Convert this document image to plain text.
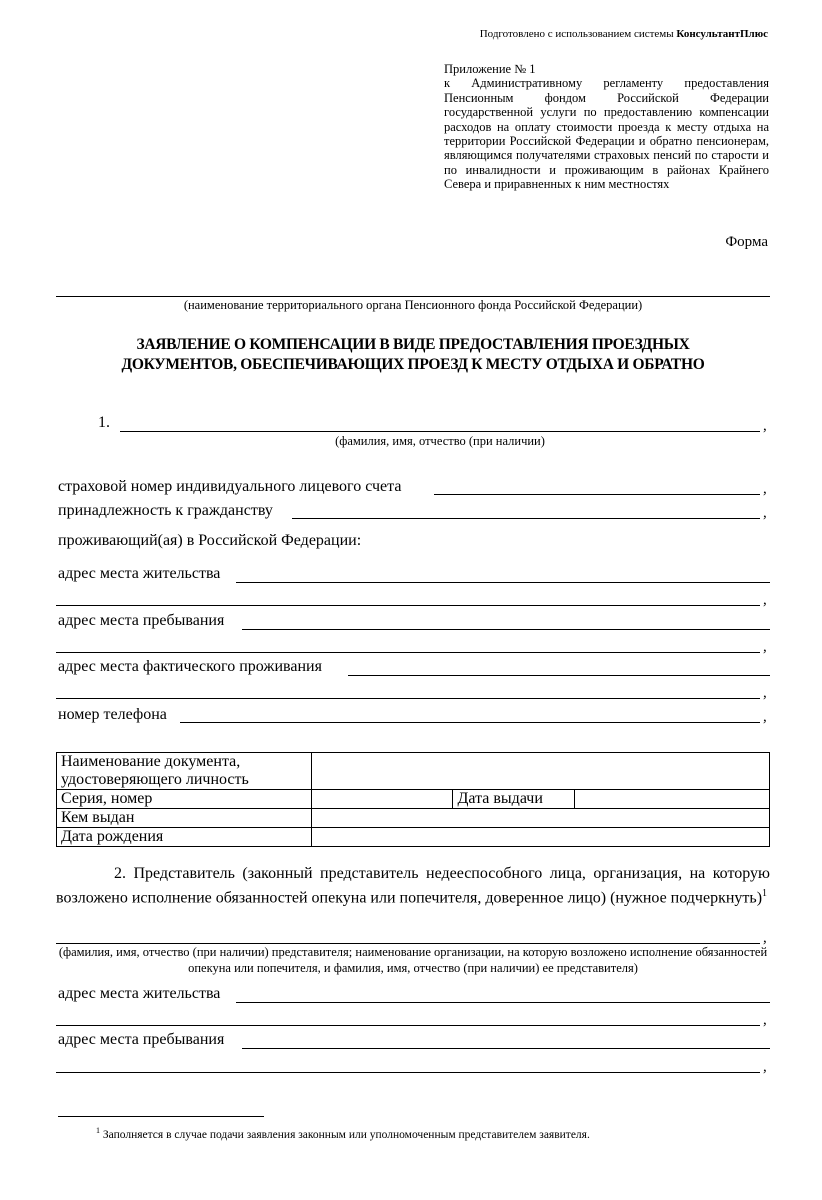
Подготовлено с использованием системы КонсультантПлюс
Приложение № 1
к Административному регламенту предоставления Пенсионным фондом Российской Федерации государственной услуги по предоставлению компенсации расходов на оплату стоимости проезда к месту отдыха на территории Российской Федерации и обратно пенсионерам, являющимся получателями страховых пенсий по старости и по инвалидности и проживающим в районах Крайнего Севера и приравненных к ним местностях
Форма
(наименование территориального органа Пенсионного фонда Российской Федерации)
ЗАЯВЛЕНИЕ О КОМПЕНСАЦИИ В ВИДЕ ПРЕДОСТАВЛЕНИЯ ПРОЕЗДНЫХ
ДОКУМЕНТОВ, ОБЕСПЕЧИВАЮЩИХ ПРОЕЗД К МЕСТУ ОТДЫХА И ОБРАТНО
1.	,
(фамилия, имя, отчество (при наличии)
страховой номер индивидуального лицевого счета	,
принадлежность к гражданству	,
проживающий(ая) в Российской Федерации:
адрес места жительства
,
адрес места пребывания
,
адрес места фактического проживания
,
номер телефона	,
Наименование документа,
удостоверяющего личность			

Серия, номер		Дата выдачи	
Кем выдан			
Дата рождения			
2. Представитель (законный представитель недееспособного лица, организация, на которую возложено исполнение обязанностей опекуна или попечителя, доверенное лицо) (нужное подчеркнуть)$^1$
,
(фамилия, имя, отчество (при наличии) представителя; наименование организации, на которую возложено исполнение обязанностей опекуна или попечителя, и фамилия, имя, отчество (при наличии) ее представителя)
адрес места жительства
,
адрес места пребывания
,
$^1$ Заполняется в случае подачи заявления законным или уполномоченным представителем заявителя.
